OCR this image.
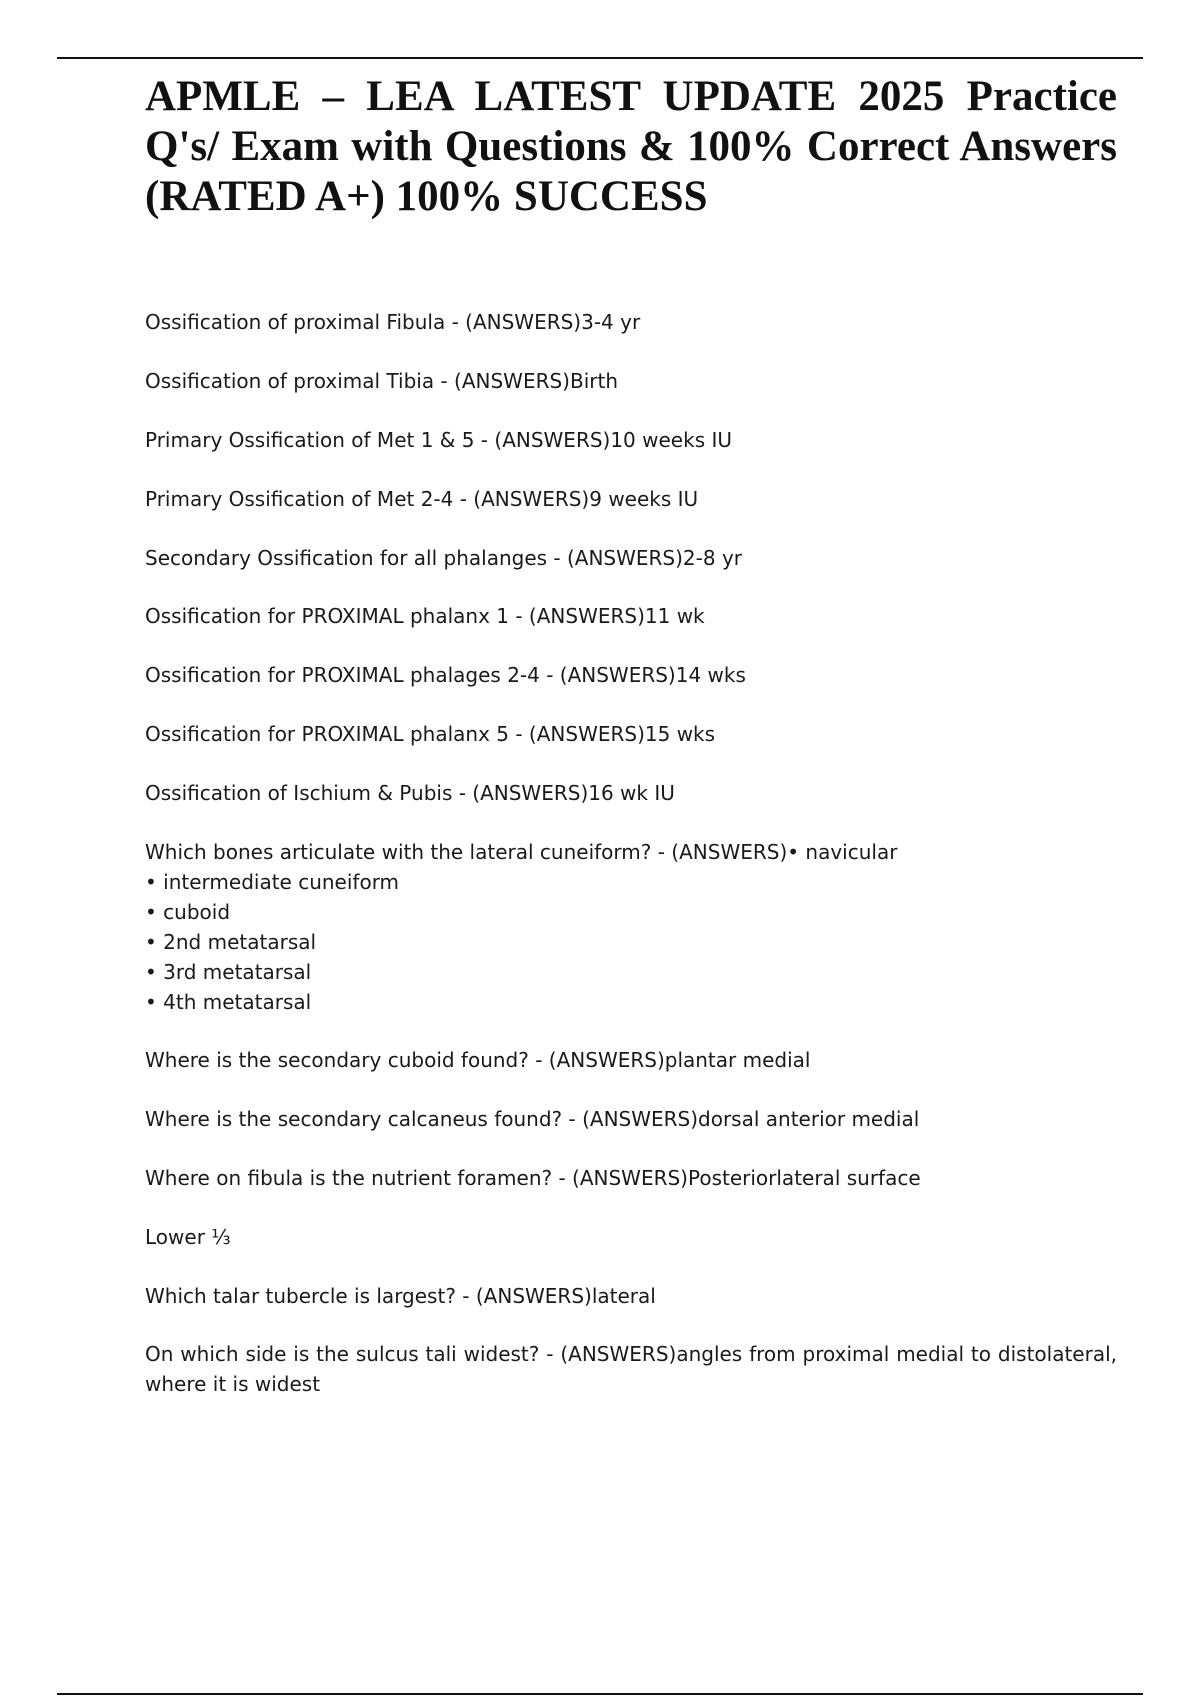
APMLE – LEA LATEST UPDATE 2025 Practice Q's/ Exam with Questions & 100% Correct Answers (RATED A+) 100% SUCCESS

Ossification of proximal Fibula - (ANSWERS)3-4 yr

Ossification of proximal Tibia - (ANSWERS)Birth

Primary Ossification of Met 1 & 5 - (ANSWERS)10 weeks IU

Primary Ossification of Met 2-4 - (ANSWERS)9 weeks IU

Secondary Ossification for all phalanges - (ANSWERS)2-8 yr

Ossification for PROXIMAL phalanx 1 - (ANSWERS)11 wk

Ossification for PROXIMAL phalages 2-4 - (ANSWERS)14 wks

Ossification for PROXIMAL phalanx 5 - (ANSWERS)15 wks

Ossification of Ischium & Pubis - (ANSWERS)16 wk IU

Which bones articulate with the lateral cuneiform? - (ANSWERS)• navicular
• intermediate cuneiform
• cuboid
• 2nd metatarsal
• 3rd metatarsal
• 4th metatarsal

Where is the secondary cuboid found? - (ANSWERS)plantar medial

Where is the secondary calcaneus found? - (ANSWERS)dorsal anterior medial

Where on fibula is the nutrient foramen? - (ANSWERS)Posteriorlateral surface

Lower ⅓

Which talar tubercle is largest? - (ANSWERS)lateral

On which side is the sulcus tali widest? - (ANSWERS)angles from proximal medial to distolateral, where it is widest
